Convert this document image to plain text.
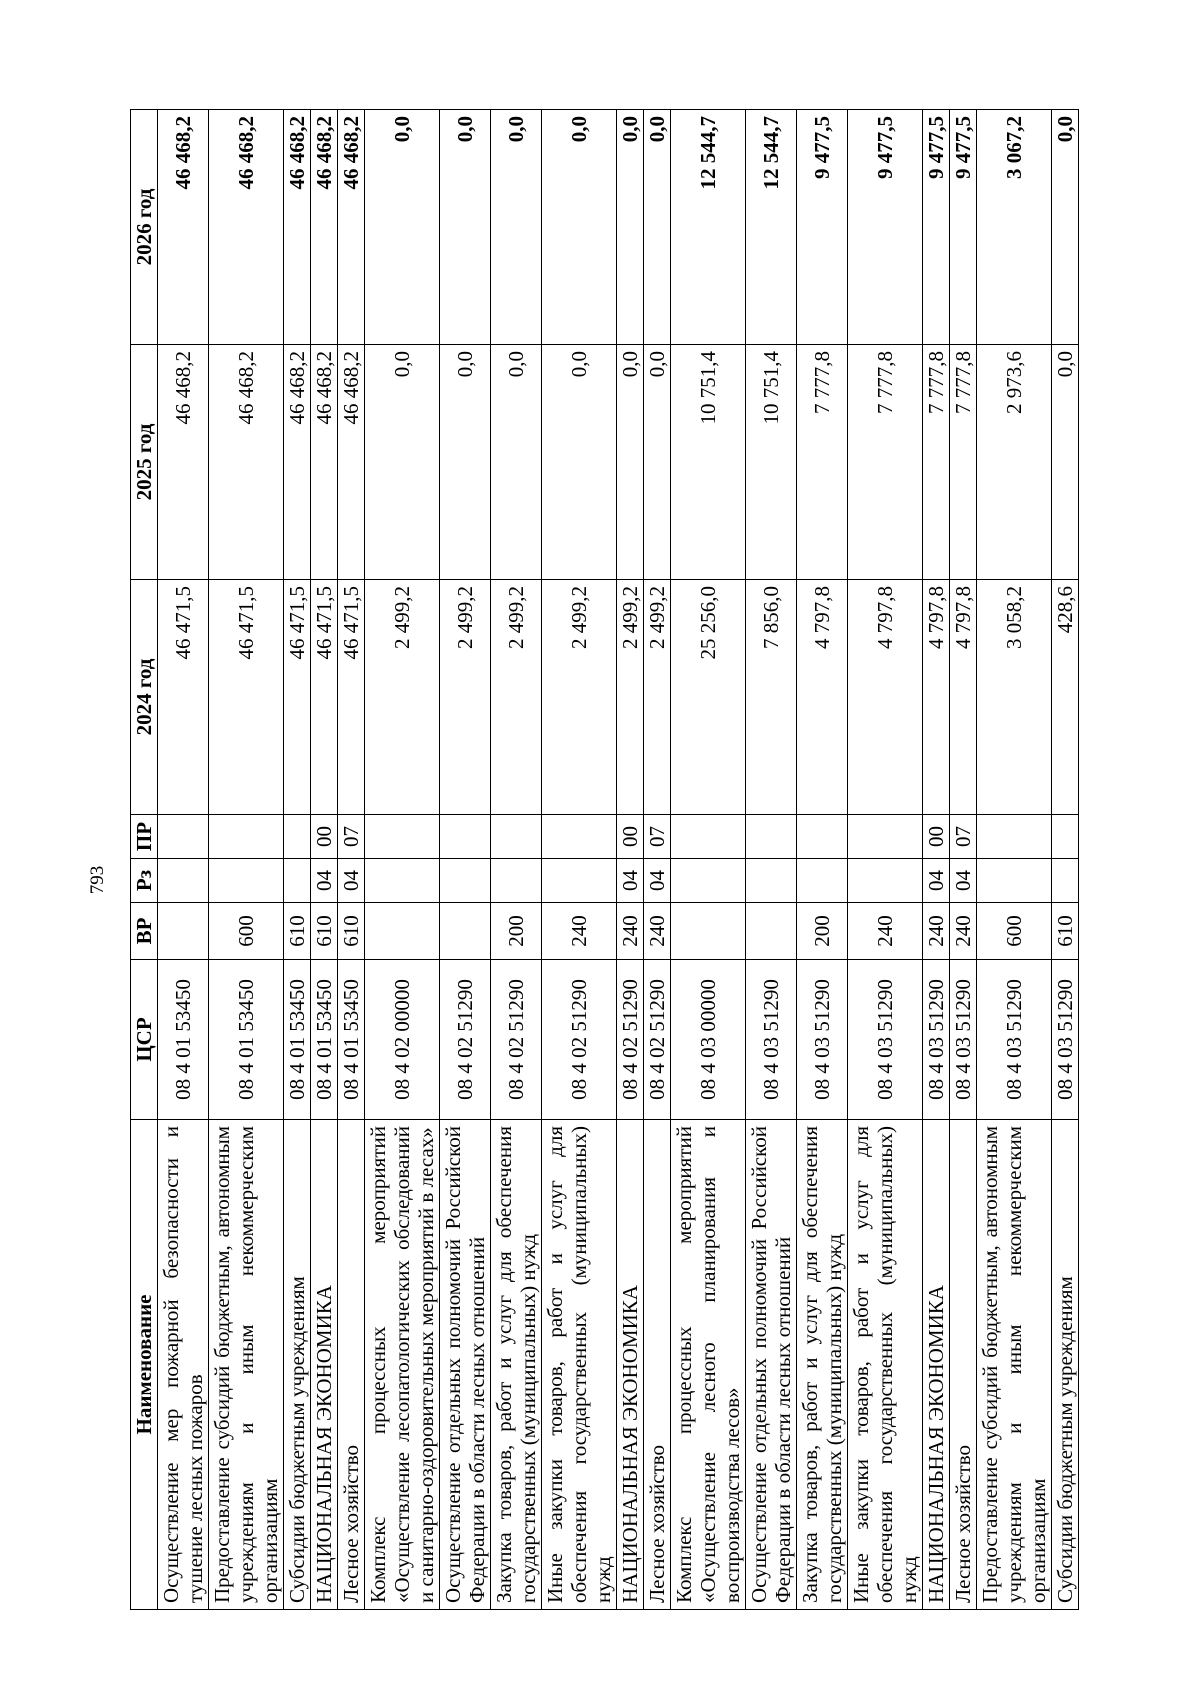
793
Наименование	ЦСР	ВР	Рз	ПР	2024 год	2025 год	2026 год
Осуществление мер пожарной безопасности и тушение лесных пожаров	08 4 01 53450				46 471,5	46 468,2	46 468,2
Предоставление субсидий бюджетным, автономным учреждениям и иным некоммерческим организациям	08 4 01 53450	600			46 471,5	46 468,2	46 468,2
Субсидии бюджетным учреждениям	08 4 01 53450	610			46 471,5	46 468,2	46 468,2
НАЦИОНАЛЬНАЯ ЭКОНОМИКА	08 4 01 53450	610	04	00	46 471,5	46 468,2	46 468,2
Лесное хозяйство	08 4 01 53450	610	04	07	46 471,5	46 468,2	46 468,2
Комплекс процессных мероприятий «Осуществление лесопатологических обследований и санитарно-оздоровительных мероприятий в лесах»	08 4 02 00000				2 499,2	0,0	0,0
Осуществление отдельных полномочий Российской Федерации в области лесных отношений	08 4 02 51290				2 499,2	0,0	0,0
Закупка товаров, работ и услуг для обеспечения государственных (муниципальных) нужд	08 4 02 51290	200			2 499,2	0,0	0,0
Иные закупки товаров, работ и услуг для обеспечения государственных (муниципальных) нужд	08 4 02 51290	240			2 499,2	0,0	0,0
НАЦИОНАЛЬНАЯ ЭКОНОМИКА	08 4 02 51290	240	04	00	2 499,2	0,0	0,0
Лесное хозяйство	08 4 02 51290	240	04	07	2 499,2	0,0	0,0
Комплекс процессных мероприятий «Осуществление лесного планирования и воспроизводства лесов»	08 4 03 00000				25 256,0	10 751,4	12 544,7
Осуществление отдельных полномочий Российской Федерации в области лесных отношений	08 4 03 51290				7 856,0	10 751,4	12 544,7
Закупка товаров, работ и услуг для обеспечения государственных (муниципальных) нужд	08 4 03 51290	200			4 797,8	7 777,8	9 477,5
Иные закупки товаров, работ и услуг для обеспечения государственных (муниципальных) нужд	08 4 03 51290	240			4 797,8	7 777,8	9 477,5
НАЦИОНАЛЬНАЯ ЭКОНОМИКА	08 4 03 51290	240	04	00	4 797,8	7 777,8	9 477,5
Лесное хозяйство	08 4 03 51290	240	04	07	4 797,8	7 777,8	9 477,5
Предоставление субсидий бюджетным, автономным учреждениям и иным некоммерческим организациям	08 4 03 51290	600			3 058,2	2 973,6	3 067,2
Субсидии бюджетным учреждениям	08 4 03 51290	610			428,6	0,0	0,0
